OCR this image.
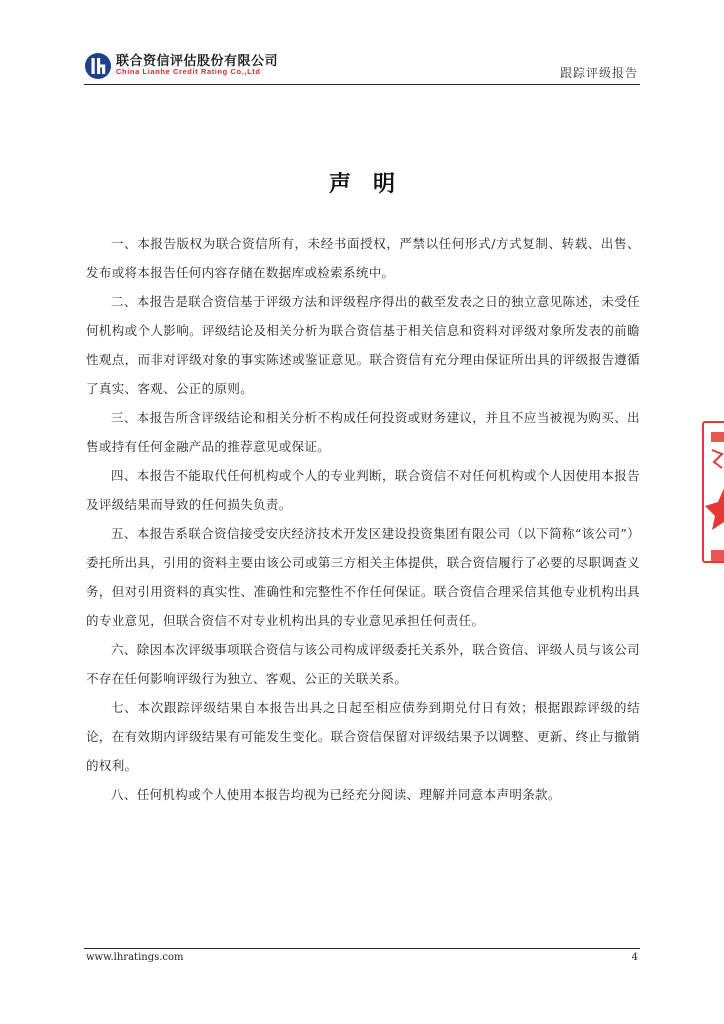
联合资信评估股份有限公司
China Lianhe Credit Rating Co.,Ltd	跟踪评级报告
声明

一、本报告版权为联合资信所有，未经书面授权，严禁以任何形式/方式复制、转载、出售、发布或将本报告任何内容存储在数据库或检索系统中。

二、本报告是联合资信基于评级方法和评级程序得出的截至发表之日的独立意见陈述，未受任何机构或个人影响。评级结论及相关分析为联合资信基于相关信息和资料对评级对象所发表的前瞻性观点，而非对评级对象的事实陈述或鉴证意见。联合资信有充分理由保证所出具的评级报告遵循了真实、客观、公正的原则。

三、本报告所含评级结论和相关分析不构成任何投资或财务建议，并且不应当被视为购买、出售或持有任何金融产品的推荐意见或保证。

四、本报告不能取代任何机构或个人的专业判断，联合资信不对任何机构或个人因使用本报告及评级结果而导致的任何损失负责。

五、本报告系联合资信接受安庆经济技术开发区建设投资集团有限公司（以下简称“该公司”）委托所出具，引用的资料主要由该公司或第三方相关主体提供，联合资信履行了必要的尽职调查义务，但对引用资料的真实性、准确性和完整性不作任何保证。联合资信合理采信其他专业机构出具的专业意见，但联合资信不对专业机构出具的专业意见承担任何责任。

六、除因本次评级事项联合资信与该公司构成评级委托关系外，联合资信、评级人员与该公司不存在任何影响评级行为独立、客观、公正的关联关系。

七、本次跟踪评级结果自本报告出具之日起至相应债券到期兑付日有效；根据跟踪评级的结论，在有效期内评级结果有可能发生变化。联合资信保留对评级结果予以调整、更新、终止与撤销的权利。

八、任何机构或个人使用本报告均视为已经充分阅读、理解并同意本声明条款。

www.lhratings.com	4
